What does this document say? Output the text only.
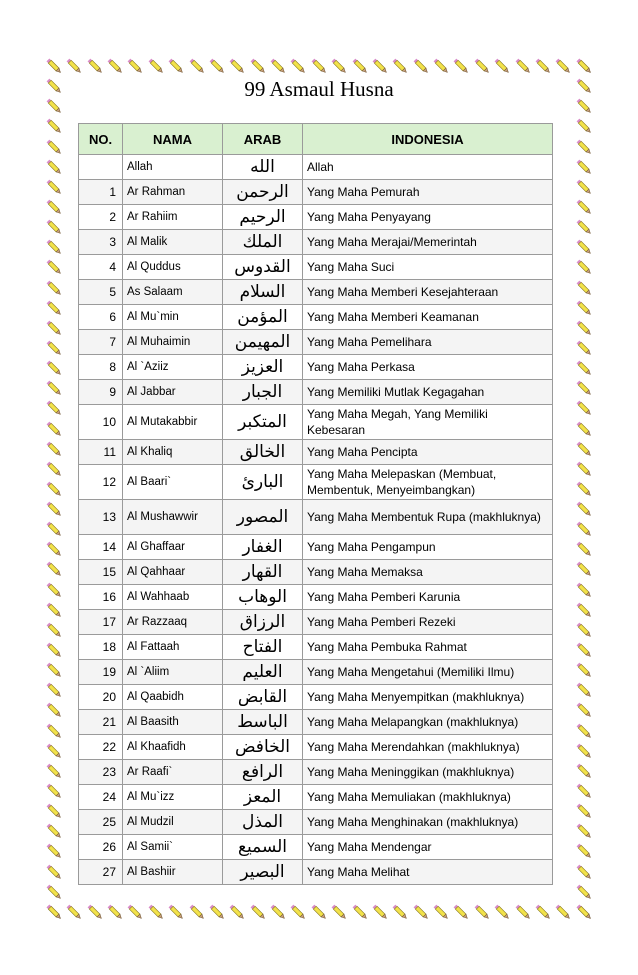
99 Asmaul Husna
NO.	NAMA	ARAB	INDONESIA
	Allah	الله	Allah
1	Ar Rahman	الرحمن	Yang Maha Pemurah
2	Ar Rahiim	الرحيم	Yang Maha Penyayang
3	Al Malik	الملك	Yang Maha Merajai/Memerintah
4	Al Quddus	القدوس	Yang Maha Suci
5	As Salaam	السلام	Yang Maha Memberi Kesejahteraan
6	Al Mu`min	المؤمن	Yang Maha Memberi Keamanan
7	Al Muhaimin	المهيمن	Yang Maha Pemelihara
8	Al `Aziiz	العزيز	Yang Maha Perkasa
9	Al Jabbar	الجبار	Yang Memiliki Mutlak Kegagahan
10	Al Mutakabbir	المتكبر	Yang Maha Megah, Yang Memiliki Kebesaran
11	Al Khaliq	الخالق	Yang Maha Pencipta
12	Al Baari`	البارئ	Yang Maha Melepaskan (Membuat, Membentuk, Menyeimbangkan)
13	Al Mushawwir	المصور	Yang Maha Membentuk Rupa (makhluknya)
14	Al Ghaffaar	الغفار	Yang Maha Pengampun
15	Al Qahhaar	القهار	Yang Maha Memaksa
16	Al Wahhaab	الوهاب	Yang Maha Pemberi Karunia
17	Ar Razzaaq	الرزاق	Yang Maha Pemberi Rezeki
18	Al Fattaah	الفتاح	Yang Maha Pembuka Rahmat
19	Al `Aliim	العليم	Yang Maha Mengetahui (Memiliki Ilmu)
20	Al Qaabidh	القابض	Yang Maha Menyempitkan (makhluknya)
21	Al Baasith	الباسط	Yang Maha Melapangkan (makhluknya)
22	Al Khaafidh	الخافض	Yang Maha Merendahkan (makhluknya)
23	Ar Raafi`	الرافع	Yang Maha Meninggikan (makhluknya)
24	Al Mu`izz	المعز	Yang Maha Memuliakan (makhluknya)
25	Al Mudzil	المذل	Yang Maha Menghinakan (makhluknya)
26	Al Samii`	السميع	Yang Maha Mendengar
27	Al Bashiir	البصير	Yang Maha Melihat
